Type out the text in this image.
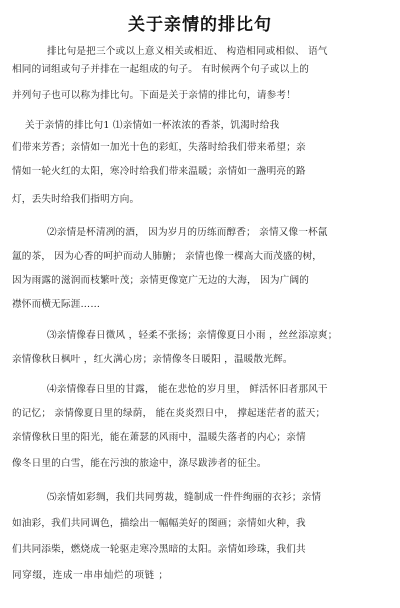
关于亲情的排比句
排比句是把三个或以上意义相关或相近、 构造相同或相似、 语气
相同的词组或句子并排在一起组成的句子。 有时候两个句子或以上的
并列句子也可以称为排比句。下面是关于亲情的排比句，请参考！
关于亲情的排比句1 ⑴亲情如一杯浓浓的香茶，饥渴时给我
们带来芳香；亲情如一加光十色的彩虹，失落时给我们带来希望；亲
情如一轮火红的太阳，寒冷时给我们带来温暖；亲情如一盏明亮的路
灯，丢失时给我们指明方向。
⑵亲情是杯清冽的酒， 因为岁月的历练而醇香； 亲情又像一杯氤
氲的茶， 因为心香的呵护而动人肺腑； 亲情也像一棵高大而茂盛的树，
因为雨露的滋润而枝繁叶茂；亲情更像宽广无边的大海， 因为广阔的
襟怀而横无际涯……
⑶亲情像春日微风 ，轻柔不张扬；亲情像夏日小雨 ，丝丝添凉爽；
亲情像秋日枫叶 ，红火满心房；亲情像冬日暖阳 ，温暖散光辉。
⑷亲情像春日里的甘露， 能在悲怆的岁月里， 鲜活怀旧者那风干
的记忆； 亲情像夏日里的绿荫， 能在炎炎烈日中， 撑起迷茫者的蓝天；
亲情像秋日里的阳光，能在萧瑟的风雨中，温暖失落者的内心；亲情
像冬日里的白雪，能在污浊的旅途中，涤尽跋涉者的征尘。
⑸亲情如彩绸，我们共同剪裁，缝制成一件件绚丽的衣衫；亲情
如油彩，我们共同调色，描绘出一幅幅美好的图画；亲情如火种，我
们共同添柴，燃烧成一轮驱走寒冷黑暗的太阳。亲情如珍珠，我们共
同穿缀，连成一串串灿烂的项链 ；
